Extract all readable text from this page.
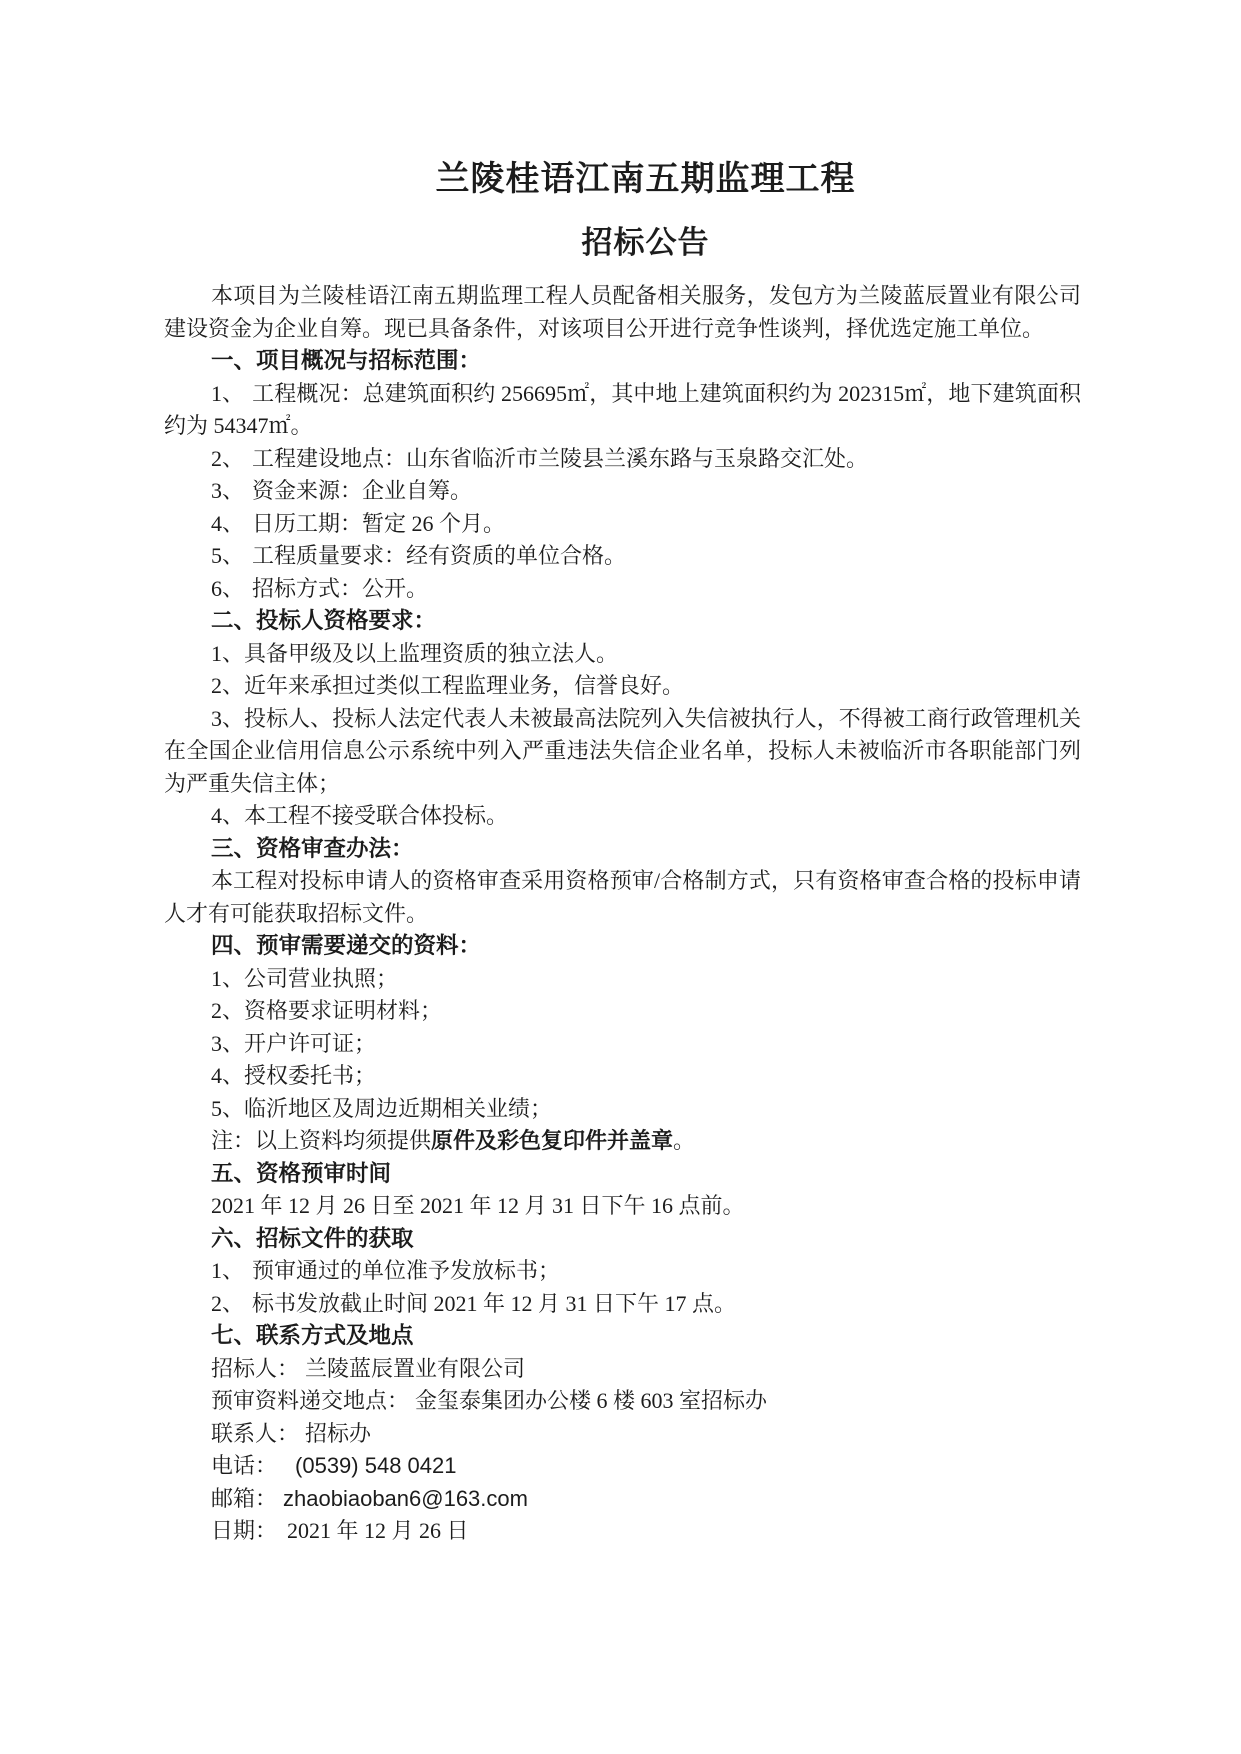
兰陵桂语江南五期监理工程
招标公告

本项目为兰陵桂语江南五期监理工程人员配备相关服务，发包方为兰陵蓝辰置业有限公司建设资金为企业自筹。现已具备条件，对该项目公开进行竞争性谈判，择优选定施工单位。

一、项目概况与招标范围：

1、 工程概况：总建筑面积约 256695㎡，其中地上建筑面积约为 202315㎡，地下建筑面积约为 54347㎡。

2、 工程建设地点：山东省临沂市兰陵县兰溪东路与玉泉路交汇处。

3、 资金来源：企业自筹。

4、 日历工期：暂定 26 个月。

5、 工程质量要求：经有资质的单位合格。

6、 招标方式：公开。

二、投标人资格要求：

1、具备甲级及以上监理资质的独立法人。

2、近年来承担过类似工程监理业务，信誉良好。

3、投标人、投标人法定代表人未被最高法院列入失信被执行人，不得被工商行政管理机关在全国企业信用信息公示系统中列入严重违法失信企业名单，投标人未被临沂市各职能部门列为严重失信主体；

4、本工程不接受联合体投标。

三、资格审查办法：

本工程对投标申请人的资格审查采用资格预审/合格制方式，只有资格审查合格的投标申请人才有可能获取招标文件。

四、预审需要递交的资料：

1、公司营业执照；

2、资格要求证明材料；

3、开户许可证；

4、授权委托书；

5、临沂地区及周边近期相关业绩；

注：以上资料均须提供原件及彩色复印件并盖章。

五、资格预审时间

2021 年 12 月 26 日至 2021 年 12 月 31 日下午 16 点前。

六、招标文件的获取

1、 预审通过的单位准予发放标书；

2、 标书发放截止时间 2021 年 12 月 31 日下午 17 点。

七、联系方式及地点

招标人： 兰陵蓝辰置业有限公司

预审资料递交地点： 金玺泰集团办公楼 6 楼 603 室招标办

联系人： 招标办

电话： (0539) 548 0421

邮箱： zhaobiaoban6@163.com

日期： 2021 年 12 月 26 日
